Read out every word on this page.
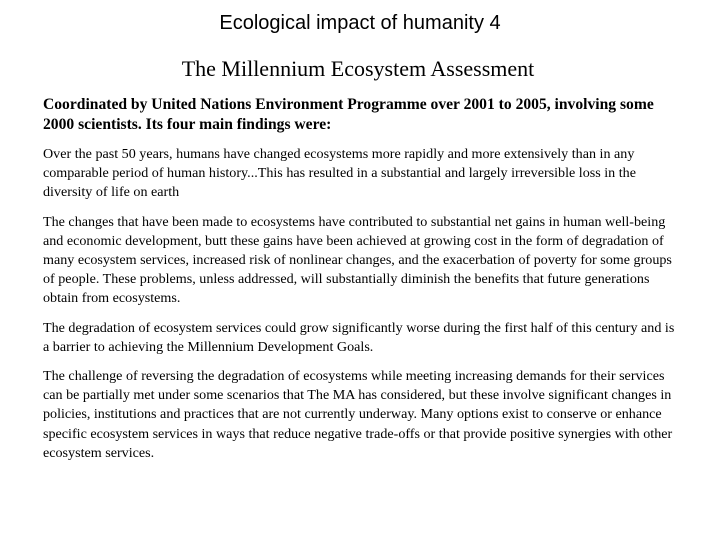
Ecological impact of humanity 4
The Millennium Ecosystem Assessment

Coordinated by United Nations Environment Programme over 2001 to 2005, involving some 2000 scientists. Its four main findings were:

Over the past 50 years, humans have changed ecosystems more rapidly and more extensively than in any comparable period of human history...This has resulted in a substantial and largely irreversible loss in the diversity of life on earth

The changes that have been made to ecosystems have contributed to substantial net gains in human well-being and economic development, butt these gains have been achieved at growing cost in the form of degradation of many ecosystem services, increased risk of nonlinear changes, and the exacerbation of poverty for some groups of people. These problems, unless addressed, will substantially diminish the benefits that future generations obtain from ecosystems.

The degradation of ecosystem services could grow significantly worse during the first half of this century and is a barrier to achieving the Millennium Development Goals.

The challenge of reversing the degradation of ecosystems while meeting increasing demands for their services can be partially met under some scenarios that The MA has considered, but these involve significant changes in policies, institutions and practices that are not currently underway. Many options exist to conserve or enhance specific ecosystem services in ways that reduce negative trade-offs or that provide positive synergies with other ecosystem services.
